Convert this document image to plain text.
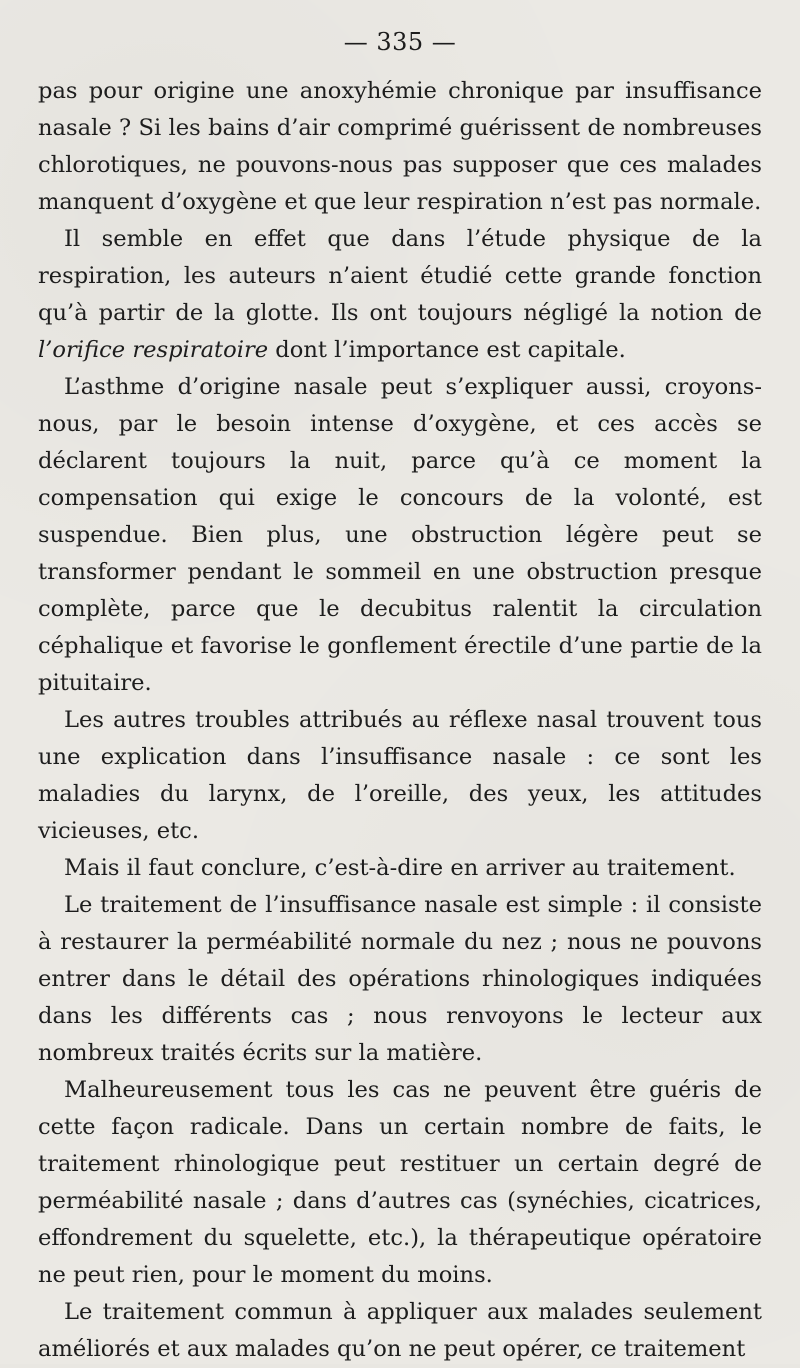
— 335 —

pas pour origine une anoxyhémie chronique par insuffisance nasale ? Si les bains d’air comprimé guérissent de nombreuses chlorotiques, ne pouvons-nous pas supposer que ces malades manquent d’oxygène et que leur respiration n’est pas normale.

Il semble en effet que dans l’étude physique de la respiration, les auteurs n’aient étudié cette grande fonction qu’à partir de la glotte. Ils ont toujours négligé la notion de l’orifice respiratoire dont l’importance est capitale.

L’asthme d’origine nasale peut s’expliquer aussi, croyons-nous, par le besoin intense d’oxygène, et ces accès se déclarent toujours la nuit, parce qu’à ce moment la compensation qui exige le concours de la volonté, est suspendue. Bien plus, une obstruction légère peut se transformer pendant le sommeil en une obstruction presque complète, parce que le decubitus ralentit la circulation céphalique et favorise le gonflement érectile d’une partie de la pituitaire.

Les autres troubles attribués au réflexe nasal trouvent tous une explication dans l’insuffisance nasale : ce sont les maladies du larynx, de l’oreille, des yeux, les attitudes vicieuses, etc.

Mais il faut conclure, c’est-à-dire en arriver au traitement.

Le traitement de l’insuffisance nasale est simple : il consiste à restaurer la perméabilité normale du nez ; nous ne pouvons entrer dans le détail des opérations rhinologiques indiquées dans les différents cas ; nous renvoyons le lecteur aux nombreux traités écrits sur la matière.

Malheureusement tous les cas ne peuvent être guéris de cette façon radicale. Dans un certain nombre de faits, le traitement rhinologique peut restituer un certain degré de perméabilité nasale ; dans d’autres cas (synéchies, cicatrices, effondrement du squelette, etc.), la thérapeutique opératoire ne peut rien, pour le moment du moins.

Le traitement commun à appliquer aux malades seulement améliorés et aux malades qu’on ne peut opérer, ce traitement
